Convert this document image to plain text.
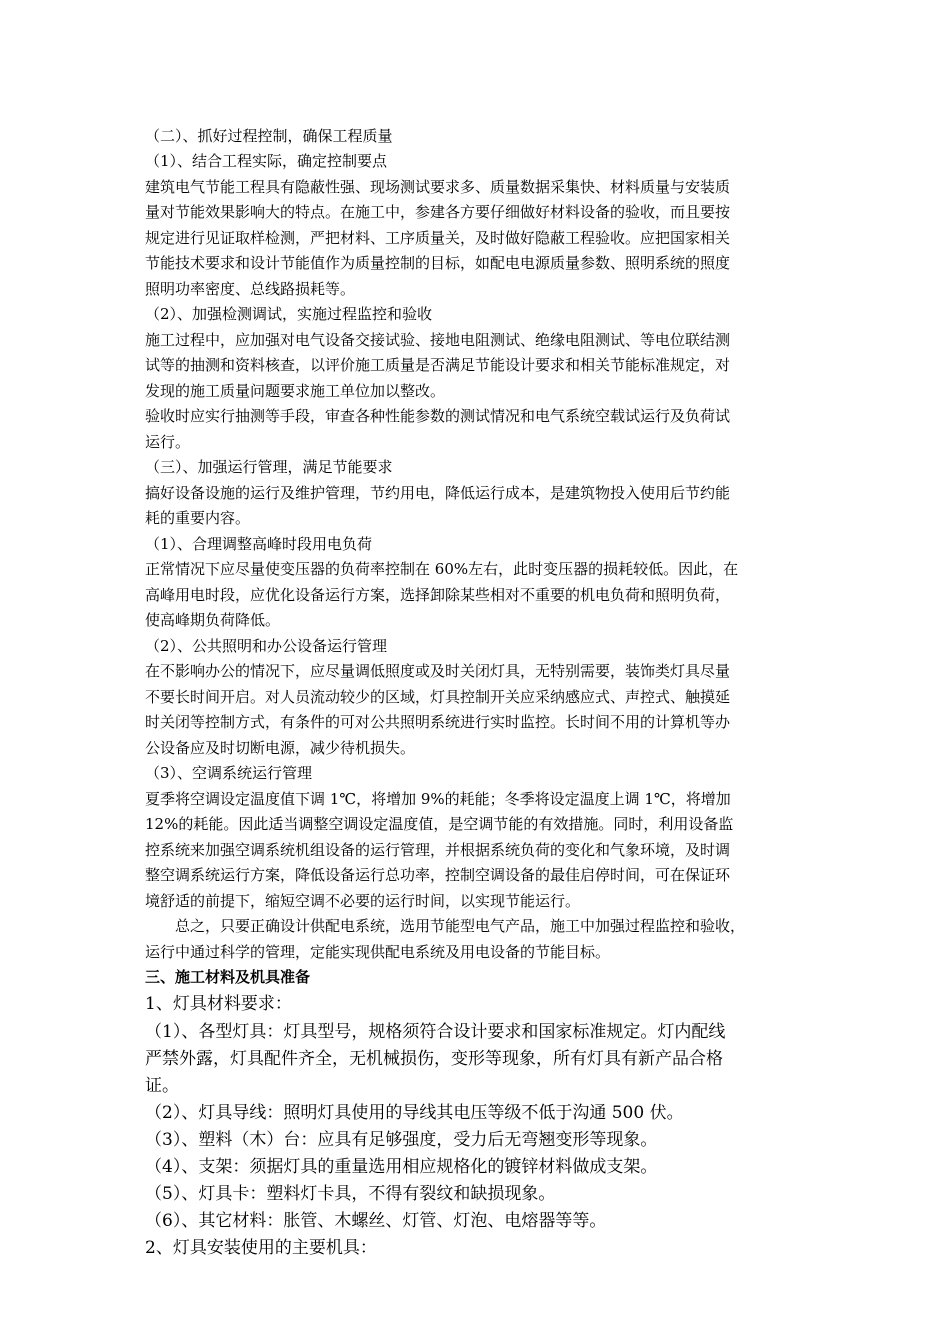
（二）、抓好过程控制，确保工程质量
（1）、结合工程实际，确定控制要点
建筑电气节能工程具有隐蔽性强、现场测试要求多、质量数据采集快、材料质量与安装质
量对节能效果影响大的特点。在施工中，参建各方要仔细做好材料设备的验收，而且要按
规定进行见证取样检测，严把材料、工序质量关，及时做好隐蔽工程验收。应把国家相关
节能技术要求和设计节能值作为质量控制的目标，如配电电源质量参数、照明系统的照度
照明功率密度、总线路损耗等。
（2）、加强检测调试，实施过程监控和验收
施工过程中，应加强对电气设备交接试验、接地电阻测试、绝缘电阻测试、等电位联结测
试等的抽测和资料核查，以评价施工质量是否满足节能设计要求和相关节能标准规定，对
发现的施工质量问题要求施工单位加以整改。
验收时应实行抽测等手段，审查各种性能参数的测试情况和电气系统空载试运行及负荷试
运行。
（三）、加强运行管理，满足节能要求
搞好设备设施的运行及维护管理，节约用电，降低运行成本，是建筑物投入使用后节约能
耗的重要内容。
（1）、合理调整高峰时段用电负荷
正常情况下应尽量使变压器的负荷率控制在 60%左右，此时变压器的损耗较低。因此，在
高峰用电时段，应优化设备运行方案，选择卸除某些相对不重要的机电负荷和照明负荷，
使高峰期负荷降低。
（2）、公共照明和办公设备运行管理
在不影响办公的情况下，应尽量调低照度或及时关闭灯具，无特别需要，装饰类灯具尽量
不要长时间开启。对人员流动较少的区域，灯具控制开关应采纳感应式、声控式、触摸延
时关闭等控制方式，有条件的可对公共照明系统进行实时监控。长时间不用的计算机等办
公设备应及时切断电源，减少待机损失。
（3）、空调系统运行管理
夏季将空调设定温度值下调 1℃，将增加 9%的耗能；冬季将设定温度上调 1℃，将增加
12%的耗能。因此适当调整空调设定温度值，是空调节能的有效措施。同时，利用设备监
控系统来加强空调系统机组设备的运行管理，并根据系统负荷的变化和气象环境，及时调
整空调系统运行方案，降低设备运行总功率，控制空调设备的最佳启停时间，可在保证环
境舒适的前提下，缩短空调不必要的运行时间，以实现节能运行。
总之，只要正确设计供配电系统，选用节能型电气产品，施工中加强过程监控和验收，
运行中通过科学的管理，定能实现供配电系统及用电设备的节能目标。
三、施工材料及机具准备
1、灯具材料要求：
（1）、各型灯具：灯具型号，规格须符合设计要求和国家标准规定。灯内配线
严禁外露，灯具配件齐全，无机械损伤，变形等现象，所有灯具有新产品合格
证。
（2）、灯具导线：照明灯具使用的导线其电压等级不低于沟通 500 伏。
（3）、塑料（木）台：应具有足够强度，受力后无弯翘变形等现象。
（4）、支架：须据灯具的重量选用相应规格化的镀锌材料做成支架。
（5）、灯具卡：塑料灯卡具，不得有裂纹和缺损现象。
（6）、其它材料：胀管、木螺丝、灯管、灯泡、电熔器等等。
2、灯具安装使用的主要机具：
